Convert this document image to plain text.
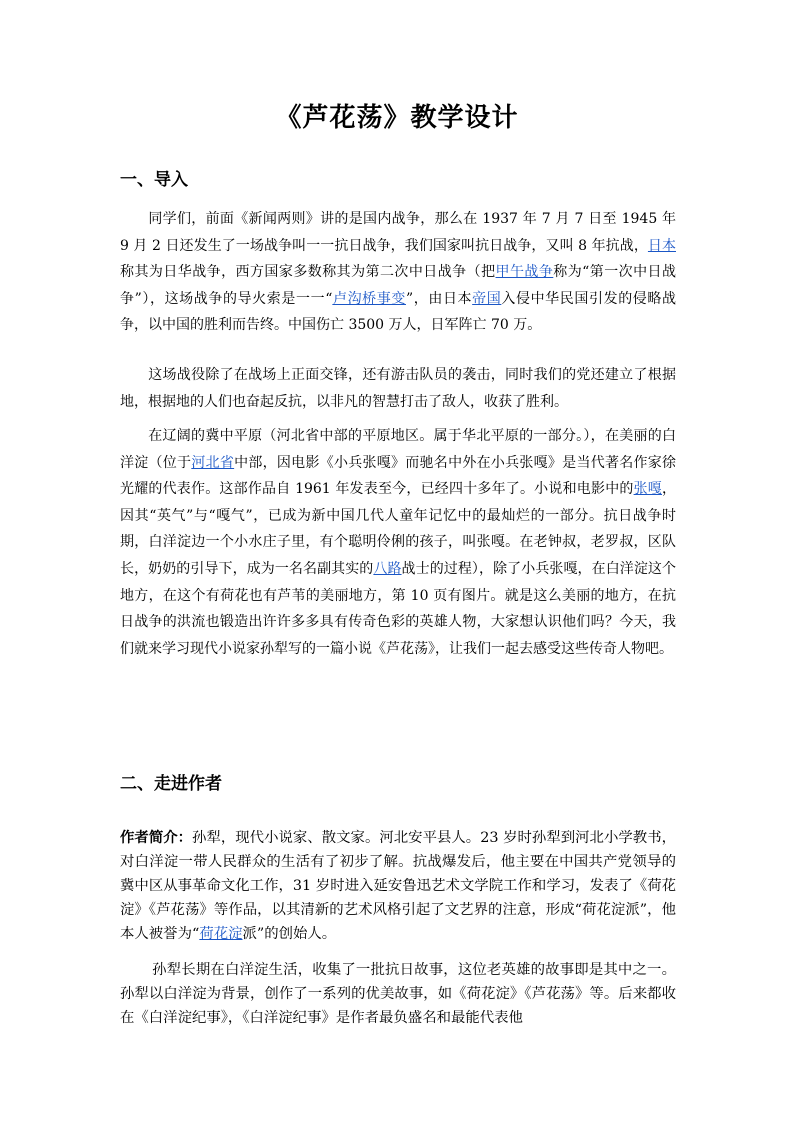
《芦花荡》教学设计
一、导入
同学们，前面《新闻两则》讲的是国内战争，那么在 1937 年 7 月 7 日至 1945 年 9 月 2 日还发生了一场战争叫一一抗日战争，我们国家叫抗日战争，又叫 8 年抗战，日本称其为日华战争，西方国家多数称其为第二次中日战争（把甲午战争称为“第一次中日战争”），这场战争的导火索是一一“卢沟桥事变”，由日本帝国入侵中华民国引发的侵略战争，以中国的胜利而告终。中国伤亡 3500 万人，日军阵亡 70 万。
这场战役除了在战场上正面交锋，还有游击队员的袭击，同时我们的党还建立了根据地，根据地的人们也奋起反抗，以非凡的智慧打击了敌人，收获了胜利。
在辽阔的冀中平原（河北省中部的平原地区。属于华北平原的一部分。），在美丽的白洋淀（位于河北省中部，因电影《小兵张嘎》而驰名中外在小兵张嘎》是当代著名作家徐光耀的代表作。这部作品自 1961 年发表至今，已经四十多年了。小说和电影中的张嘎，因其“英气”与“嘎气”，已成为新中国几代人童年记忆中的最灿烂的一部分。抗日战争时期，白洋淀边一个小水庄子里，有个聪明伶俐的孩子，叫张嘎。在老钟叔，老罗叔，区队长，奶奶的引导下，成为一名名副其实的八路战士的过程），除了小兵张嘎，在白洋淀这个地方，在这个有荷花也有芦苇的美丽地方，第 10 页有图片。就是这么美丽的地方，在抗日战争的洪流也锻造出许许多多具有传奇色彩的英雄人物，大家想认识他们吗？今天，我们就来学习现代小说家孙犁写的一篇小说《芦花荡》，让我们一起去感受这些传奇人物吧。
二、走进作者
作者简介：孙犁，现代小说家、散文家。河北安平县人。23 岁时孙犁到河北小学教书，对白洋淀一带人民群众的生活有了初步了解。抗战爆发后，他主要在中国共产党领导的冀中区从事革命文化工作，31 岁时进入延安鲁迅艺术文学院工作和学习，发表了《荷花淀》《芦花荡》等作品，以其清新的艺术风格引起了文艺界的注意，形成“荷花淀派”，他本人被誉为“荷花淀派”的创始人。
孙犁长期在白洋淀生活，收集了一批抗日故事，这位老英雄的故事即是其中之一。孙犁以白洋淀为背景，创作了一系列的优美故事，如《荷花淀》《芦花荡》等。后来都收在《白洋淀纪事》，《白洋淀纪事》是作者最负盛名和最能代表他
